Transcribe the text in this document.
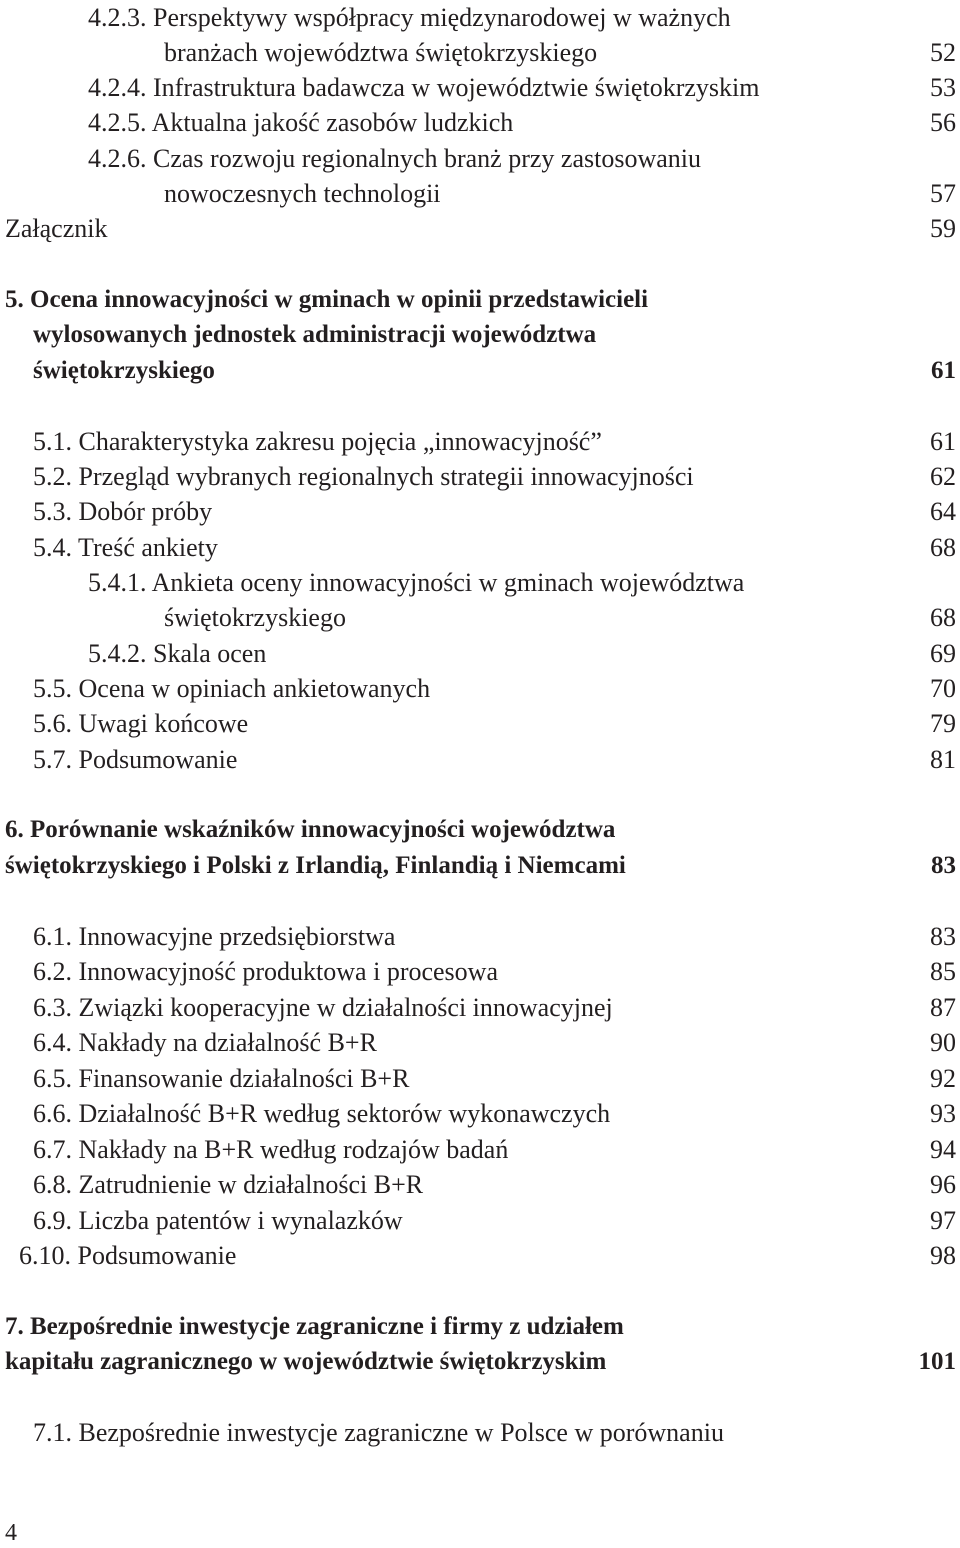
4.2.3. Perspektywy współpracy międzynarodowej w ważnych
branżach województwa świętokrzyskiego	52
4.2.4. Infrastruktura badawcza w województwie świętokrzyskim	53
4.2.5. Aktualna jakość zasobów ludzkich	56
4.2.6. Czas rozwoju regionalnych branż przy zastosowaniu
nowoczesnych technologii	57
Załącznik	59
5. Ocena innowacyjności w gminach w opinii przedstawicieli
wylosowanych jednostek administracji województwa
świętokrzyskiego	61
5.1. Charakterystyka zakresu pojęcia „innowacyjność”	61
5.2. Przegląd wybranych regionalnych strategii innowacyjności	62
5.3. Dobór próby	64
5.4. Treść ankiety	68
5.4.1. Ankieta oceny innowacyjności w gminach województwa
świętokrzyskiego	68
5.4.2. Skala ocen	69
5.5. Ocena w opiniach ankietowanych	70
5.6. Uwagi końcowe	79
5.7. Podsumowanie	81
6. Porównanie wskaźników innowacyjności województwa
świętokrzyskiego i Polski z Irlandią, Finlandią i Niemcami	83
6.1. Innowacyjne przedsiębiorstwa	83
6.2. Innowacyjność produktowa i procesowa	85
6.3. Związki kooperacyjne w działalności innowacyjnej	87
6.4. Nakłady na działalność B+R	90
6.5. Finansowanie działalności B+R	92
6.6. Działalność B+R według sektorów wykonawczych	93
6.7. Nakłady na B+R według rodzajów badań	94
6.8. Zatrudnienie w działalności B+R	96
6.9. Liczba patentów i wynalazków	97
6.10. Podsumowanie	98
7. Bezpośrednie inwestycje zagraniczne i firmy z udziałem
kapitału zagranicznego w województwie świętokrzyskim	101
7.1. Bezpośrednie inwestycje zagraniczne w Polsce w porównaniu
4
